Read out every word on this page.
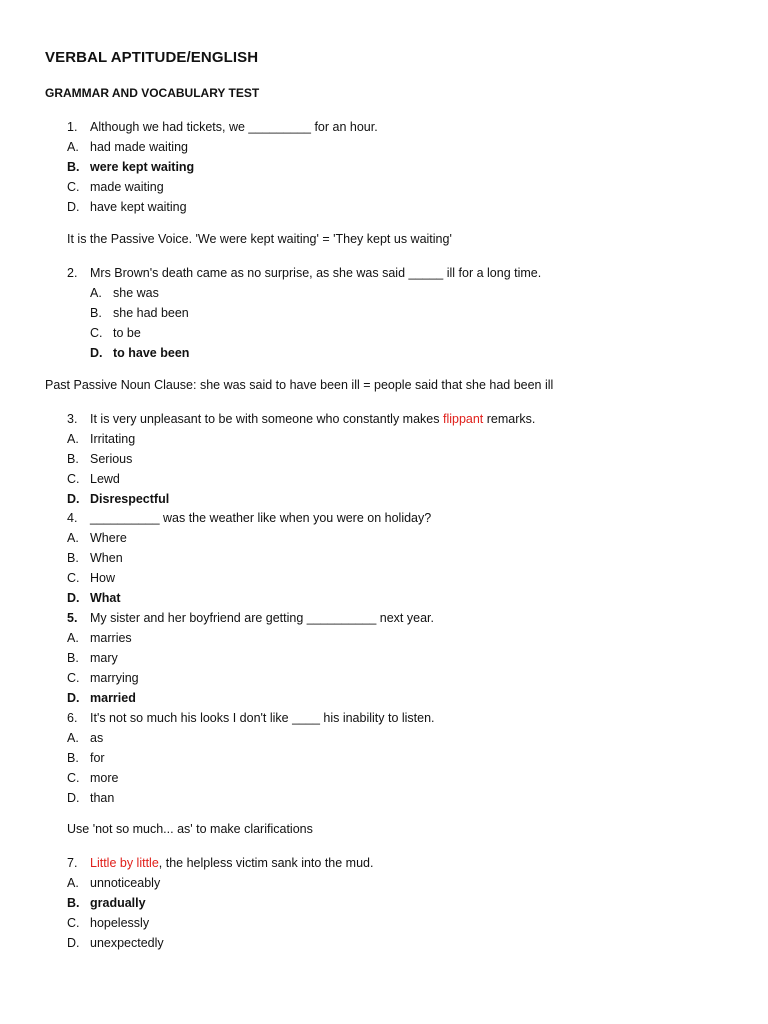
VERBAL APTITUDE/ENGLISH
GRAMMAR AND VOCABULARY TEST
1. Although we had tickets, we _________ for an hour.
A. had made waiting
B. were kept waiting
C. made waiting
D. have kept waiting
It is the Passive Voice. 'We were kept waiting' = 'They kept us waiting'
2. Mrs Brown's death came as no surprise, as she was said _____ ill for a long time.
A. she was
B. she had been
C. to be
D. to have been
Past Passive Noun Clause: she was said to have been ill = people said that she had been ill
3. It is very unpleasant to be with someone who constantly makes flippant remarks.
A. Irritating
B. Serious
C. Lewd
D. Disrespectful
4. __________ was the weather like when you were on holiday?
A. Where
B. When
C. How
D. What
5. My sister and her boyfriend are getting __________ next year.
A. marries
B. mary
C. marrying
D. married
6. It's not so much his looks I don't like ____ his inability to listen.
A. as
B. for
C. more
D. than
Use 'not so much... as' to make clarifications
7. Little by little, the helpless victim sank into the mud.
A. unnoticeably
B. gradually
C. hopelessly
D. unexpectedly
